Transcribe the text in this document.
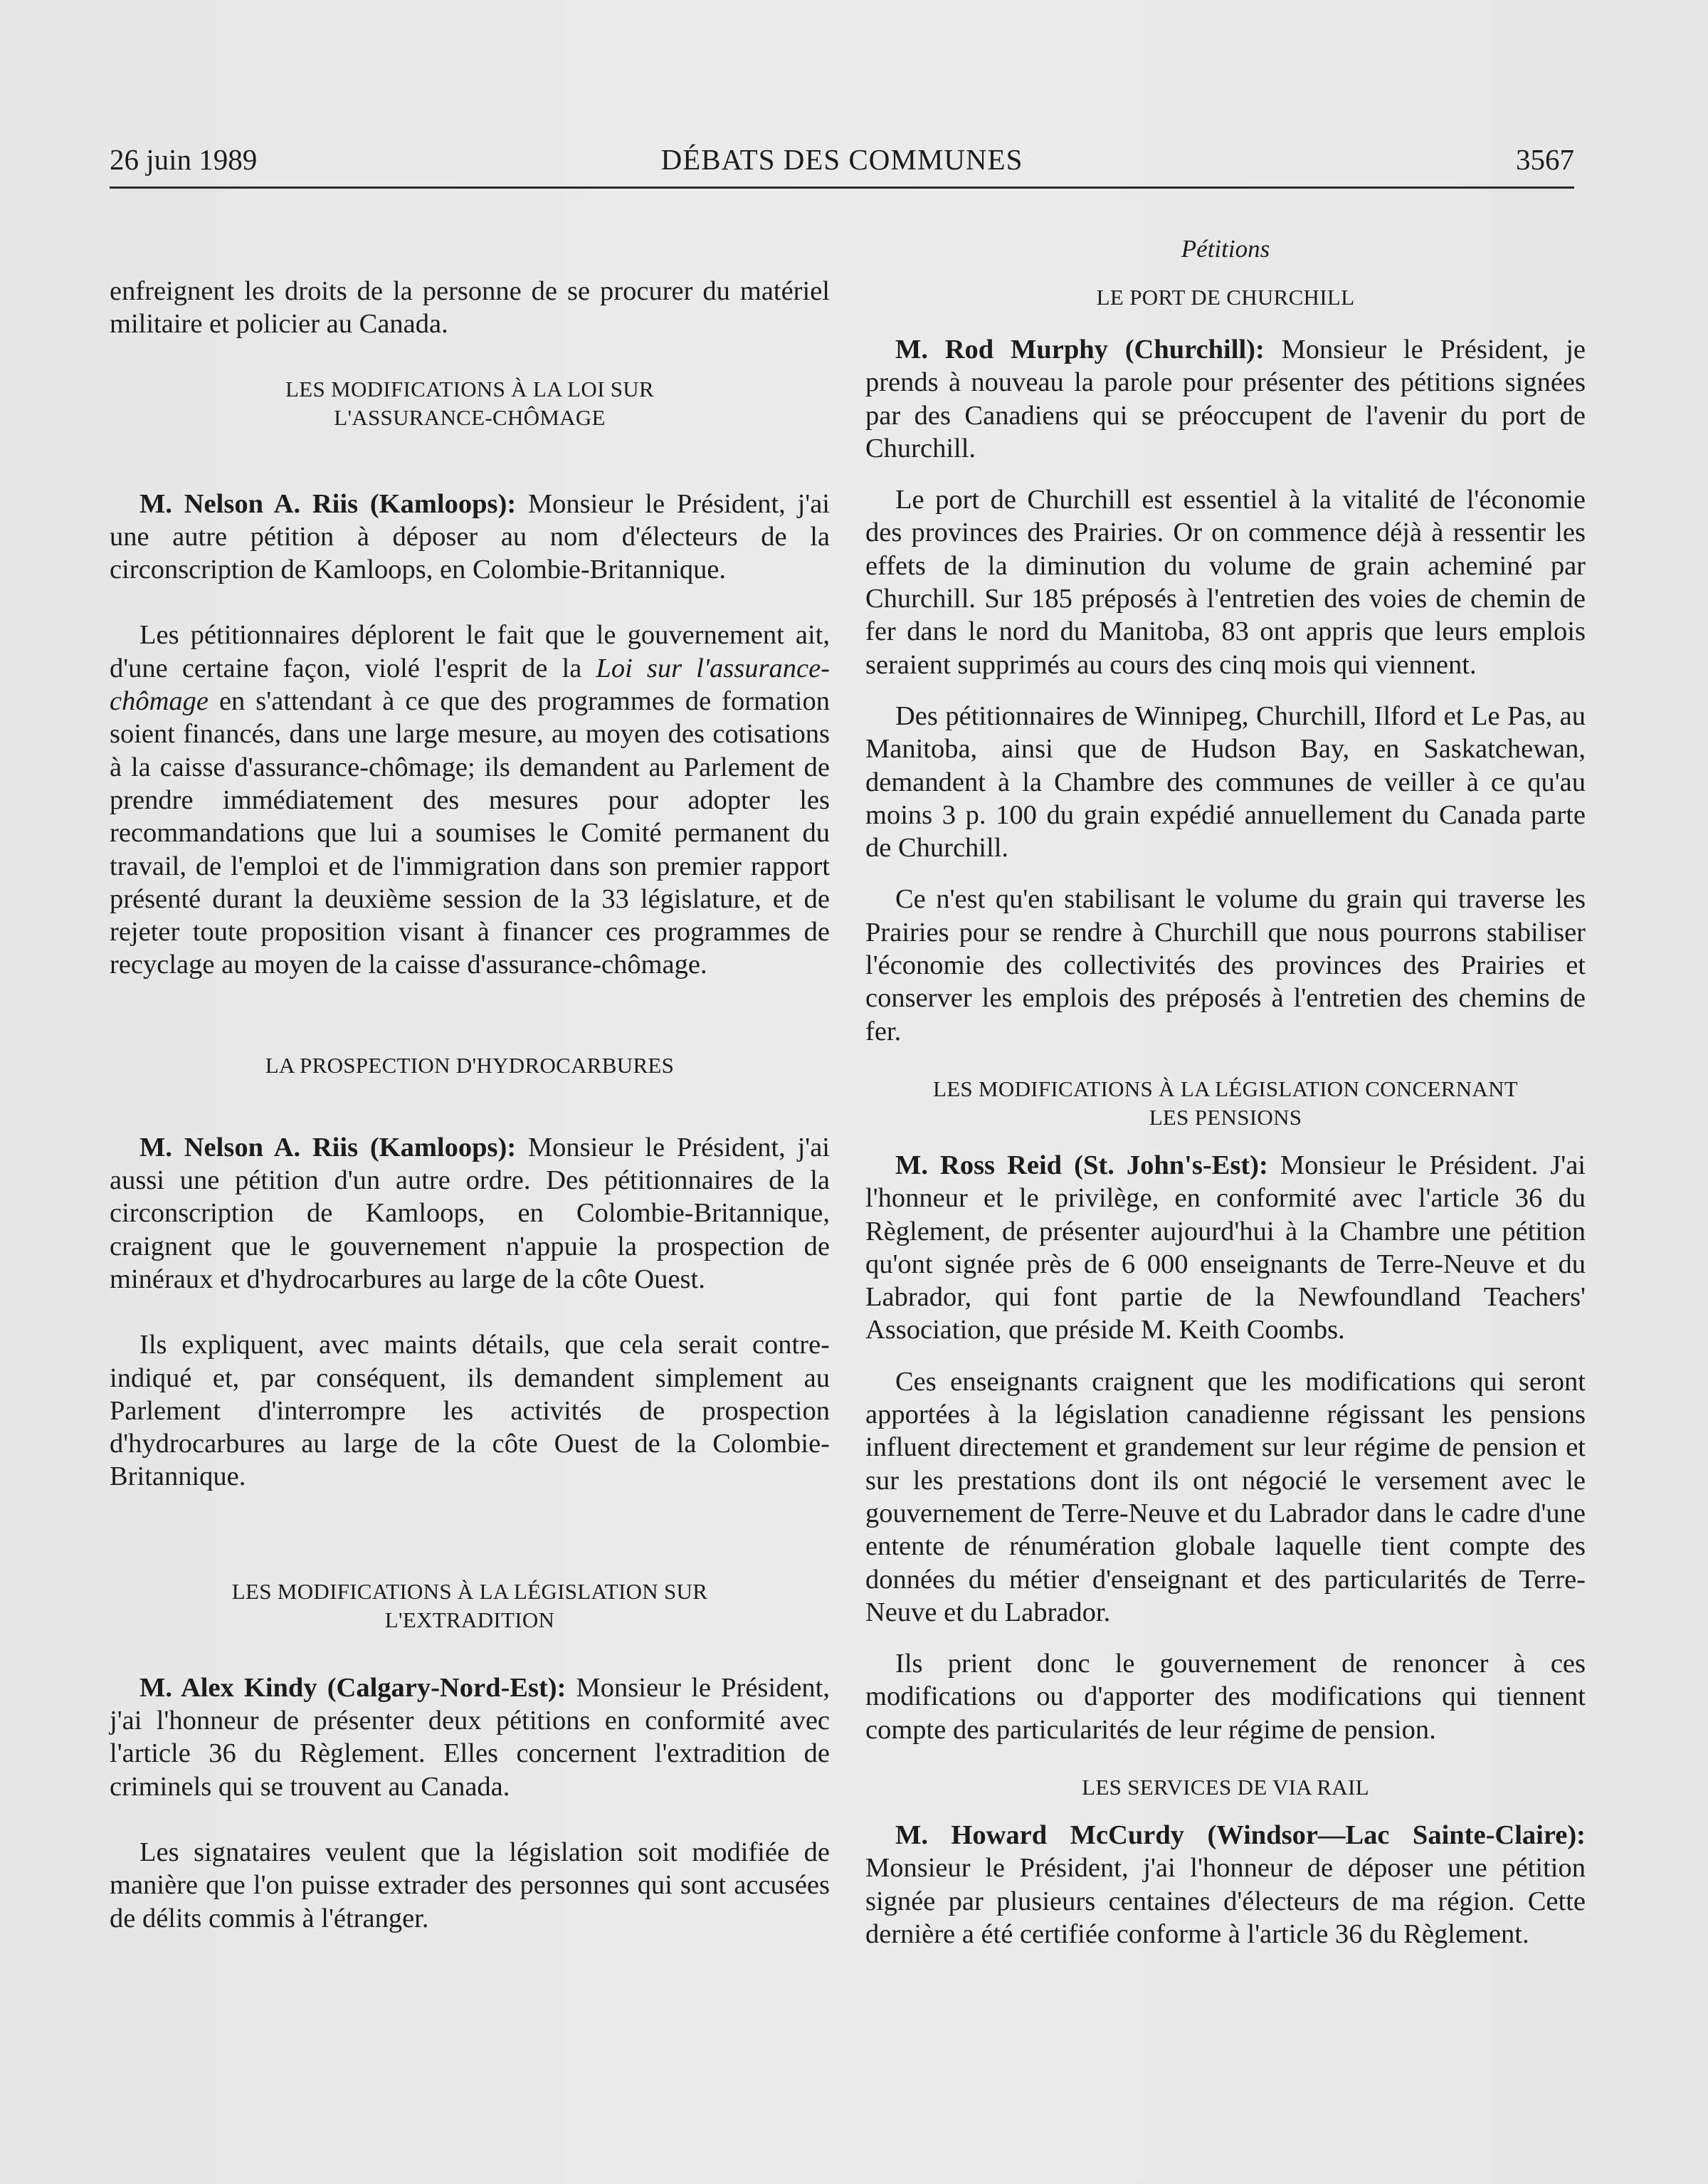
26 juin 1989	DÉBATS DES COMMUNES	3567

enfreignent les droits de la personne de se procurer du matériel militaire et policier au Canada.

LES MODIFICATIONS À LA LOI SUR
L'ASSURANCE-CHÔMAGE

M. Nelson A. Riis (Kamloops): Monsieur le Président, j'ai une autre pétition à déposer au nom d'électeurs de la circonscription de Kamloops, en Colombie-Britannique.

Les pétitionnaires déplorent le fait que le gouvernement ait, d'une certaine façon, violé l'esprit de la Loi sur l'assurance-chômage en s'attendant à ce que des programmes de formation soient financés, dans une large mesure, au moyen des cotisations à la caisse d'assurance-chômage; ils demandent au Parlement de prendre immédiatement des mesures pour adopter les recommandations que lui a soumises le Comité permanent du travail, de l'emploi et de l'immigration dans son premier rapport présenté durant la deuxième session de la 33 législature, et de rejeter toute proposition visant à financer ces programmes de recyclage au moyen de la caisse d'assurance-chômage.

LA PROSPECTION D'HYDROCARBURES

M. Nelson A. Riis (Kamloops): Monsieur le Président, j'ai aussi une pétition d'un autre ordre. Des pétitionnaires de la circonscription de Kamloops, en Colombie-Britannique, craignent que le gouvernement n'appuie la prospection de minéraux et d'hydrocarbures au large de la côte Ouest.

Ils expliquent, avec maints détails, que cela serait contre-indiqué et, par conséquent, ils demandent simplement au Parlement d'interrompre les activités de prospection d'hydrocarbures au large de la côte Ouest de la Colombie-Britannique.

LES MODIFICATIONS À LA LÉGISLATION SUR
L'EXTRADITION

M. Alex Kindy (Calgary-Nord-Est): Monsieur le Président, j'ai l'honneur de présenter deux pétitions en conformité avec l'article 36 du Règlement. Elles concernent l'extradition de criminels qui se trouvent au Canada.

Les signataires veulent que la législation soit modifiée de manière que l'on puisse extrader des personnes qui sont accusées de délits commis à l'étranger.

Pétitions
LE PORT DE CHURCHILL

M. Rod Murphy (Churchill): Monsieur le Président, je prends à nouveau la parole pour présenter des pétitions signées par des Canadiens qui se préoccupent de l'avenir du port de Churchill.

Le port de Churchill est essentiel à la vitalité de l'économie des provinces des Prairies. Or on commence déjà à ressentir les effets de la diminution du volume de grain acheminé par Churchill. Sur 185 préposés à l'entretien des voies de chemin de fer dans le nord du Manitoba, 83 ont appris que leurs emplois seraient supprimés au cours des cinq mois qui viennent.

Des pétitionnaires de Winnipeg, Churchill, Ilford et Le Pas, au Manitoba, ainsi que de Hudson Bay, en Saskatchewan, demandent à la Chambre des communes de veiller à ce qu'au moins 3 p. 100 du grain expédié annuellement du Canada parte de Churchill.

Ce n'est qu'en stabilisant le volume du grain qui traverse les Prairies pour se rendre à Churchill que nous pourrons stabiliser l'économie des collectivités des provinces des Prairies et conserver les emplois des préposés à l'entretien des chemins de fer.

LES MODIFICATIONS À LA LÉGISLATION CONCERNANT
LES PENSIONS

M. Ross Reid (St. John's-Est): Monsieur le Président. J'ai l'honneur et le privilège, en conformité avec l'article 36 du Règlement, de présenter aujourd'hui à la Chambre une pétition qu'ont signée près de 6 000 enseignants de Terre-Neuve et du Labrador, qui font partie de la Newfoundland Teachers' Association, que préside M. Keith Coombs.

Ces enseignants craignent que les modifications qui seront apportées à la législation canadienne régissant les pensions influent directement et grandement sur leur régime de pension et sur les prestations dont ils ont négocié le versement avec le gouvernement de Terre-Neuve et du Labrador dans le cadre d'une entente de rénumération globale laquelle tient compte des données du métier d'enseignant et des particularités de Terre-Neuve et du Labrador.

Ils prient donc le gouvernement de renoncer à ces modifications ou d'apporter des modifications qui tiennent compte des particularités de leur régime de pension.

LES SERVICES DE VIA RAIL

M. Howard McCurdy (Windsor—Lac Sainte-Claire): Monsieur le Président, j'ai l'honneur de déposer une pétition signée par plusieurs centaines d'électeurs de ma région. Cette dernière a été certifiée conforme à l'article 36 du Règlement.
